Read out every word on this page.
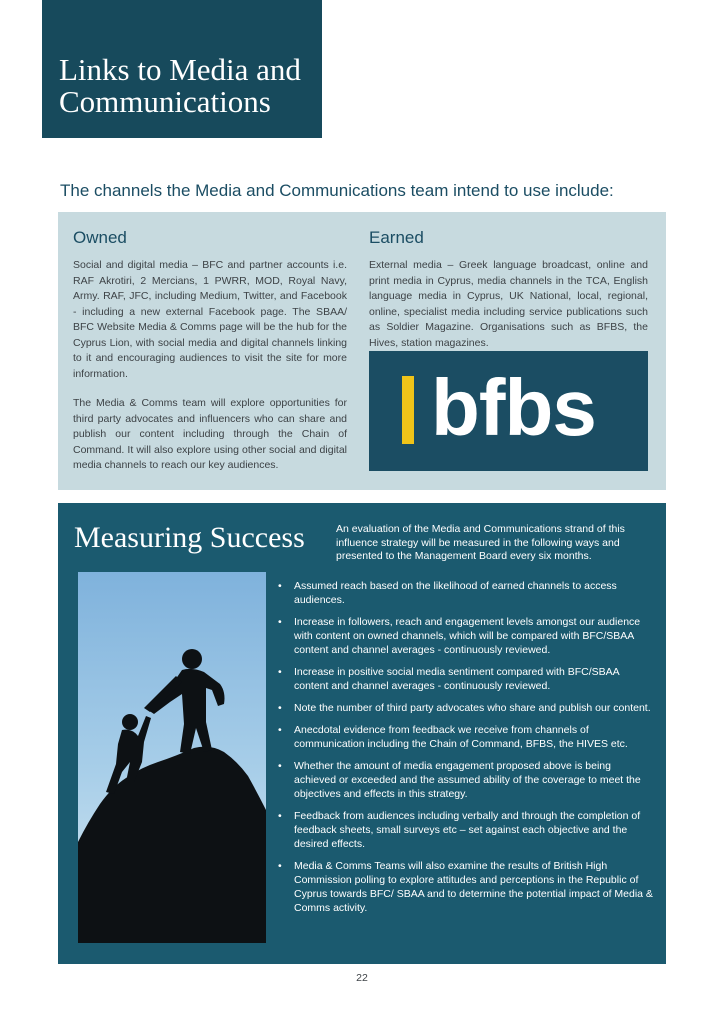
Links to Media and
Communications
The channels the Media and Communications team intend to use include:
Owned

Social and digital media – BFC and partner accounts i.e. RAF Akrotiri, 2 Mercians, 1 PWRR, MOD, Royal Navy, Army. RAF, JFC, including Medium, Twitter, and Facebook - including a new external Facebook page. The SBAA/ BFC Website Media & Comms page will be the hub for the Cyprus Lion, with social media and digital channels linking to it and encouraging audiences to visit the site for more information.

The Media & Comms team will explore opportunities for third party advocates and influencers who can share and publish our content including through the Chain of Command. It will also explore using other social and digital media channels to reach our key audiences.

Earned

External media – Greek language broadcast, online and print media in Cyprus, media channels in the TCA, English language media in Cyprus, UK National, local, regional, online, specialist media including service publications such as Soldier Magazine. Organisations such as BFBS, the Hives, station magazines.

bfbs
Measuring Success	An evaluation of the Media and Communications strand of this influence strategy will be measured in the following ways and presented to the Management Board every six months.

• Assumed reach based on the likelihood of earned channels to access audiences.
• Increase in followers, reach and engagement levels amongst our audience with content on owned channels, which will be compared with BFC/SBAA content and channel averages - continuously reviewed.
• Increase in positive social media sentiment compared with BFC/SBAA content and channel averages - continuously reviewed.
• Note the number of third party advocates who share and publish our content.
• Anecdotal evidence from feedback we receive from channels of communication including the Chain of Command, BFBS, the HIVES etc.
• Whether the amount of media engagement proposed above is being achieved or exceeded and the assumed ability of the coverage to meet the objectives and effects in this strategy.
• Feedback from audiences including verbally and through the completion of feedback sheets, small surveys etc – set against each objective and the desired effects.
• Media & Comms Teams will also examine the results of British High Commission polling to explore attitudes and perceptions in the Republic of Cyprus towards BFC/ SBAA and to determine the potential impact of Media & Comms activity.
22
